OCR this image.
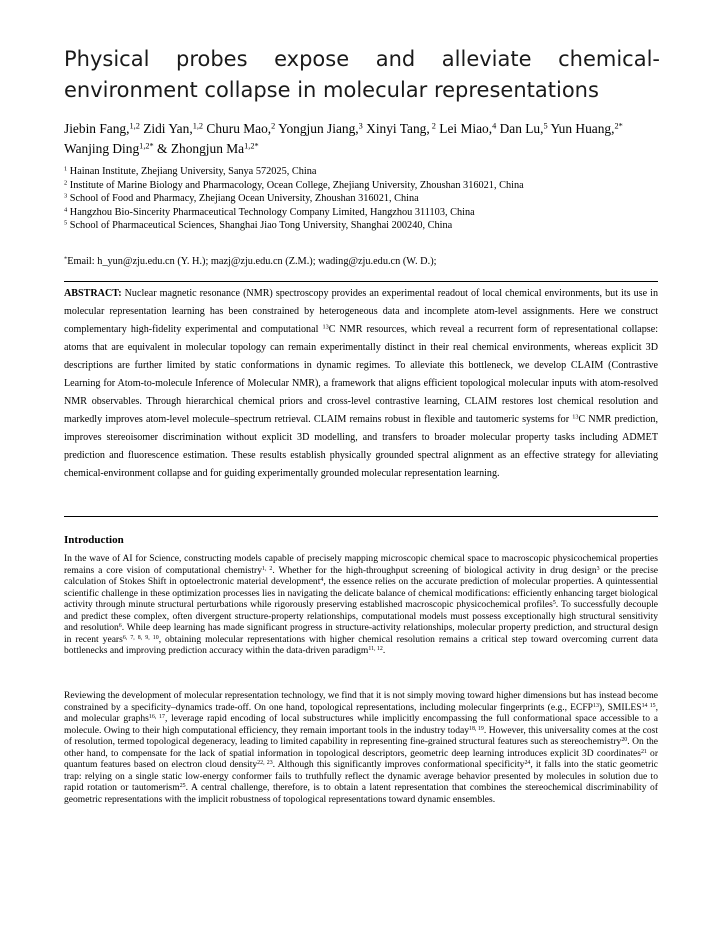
Physical probes expose and alleviate chemical-environment collapse in molecular representations
Jiebin Fang,$^{1,2}$ Zidi Yan,$^{1,2}$ Churu Mao,$^2$ Yongjun Jiang,$^3$ Xinyi Tang, $^2$ Lei Miao,$^4$ Dan Lu,$^5$ Yun Huang,$^{2*}$ Wanjing Ding$^{1,2*}$ & Zhongjun $Ma^{1,2*}$
$^1$ Hainan Institute, Zhejiang University, Sanya 572025, China
$^2$ Institute of Marine Biology and Pharmacology, Ocean College, Zhejiang University, Zhoushan 316021, China
$^3$ School of Food and Pharmacy, Zhejiang Ocean University, Zhoushan 316021, China
$^4$ Hangzhou Bio-Sincerity Pharmaceutical Technology Company Limited, Hangzhou 311103, China
$^5$ School of Pharmaceutical Sciences, Shanghai Jiao Tong University, Shanghai 200240, China
*Email: h_yun@zju.edu.cn (Y. H.); mazj@zju.edu.cn (Z.M.); wading@zju.edu.cn (W. D.);
ABSTRACT: Nuclear magnetic resonance (NMR) spectroscopy provides an experimental readout of local chemical environments, but its use in molecular representation learning has been constrained by heterogeneous data and incomplete atom-level assignments. Here we construct complementary high-fidelity experimental and computational $^{13}$C NMR resources, which reveal a recurrent form of representational collapse: atoms that are equivalent in molecular topology can remain experimentally distinct in their real chemical environments, whereas explicit 3D descriptions are further limited by static conformations in dynamic regimes. To alleviate this bottleneck, we develop CLAIM (Contrastive Learning for Atom-to-molecule Inference of Molecular NMR), a framework that aligns efficient topological molecular inputs with atom-resolved NMR observables. Through hierarchical chemical priors and cross-level contrastive learning, CLAIM restores lost chemical resolution and markedly improves atom-level molecule–spectrum retrieval. CLAIM remains robust in flexible and tautomeric systems for $^{13}$C NMR prediction, improves stereoisomer discrimination without explicit 3D modelling, and transfers to broader molecular property tasks including ADMET prediction and fluorescence estimation. These results establish physically grounded spectral alignment as an effective strategy for alleviating chemical-environment collapse and for guiding experimentally grounded molecular representation learning.
Introduction
In the wave of AI for Science, constructing models capable of precisely mapping microscopic chemical space to macroscopic physicochemical properties remains a core vision of computational chemistry$^{1, 2}$. Whether for the high-throughput screening of biological activity in drug design$^3$ or the precise calculation of Stokes Shift in optoelectronic material development$^4$, the essence relies on the accurate prediction of molecular properties. A quintessential scientific challenge in these optimization processes lies in navigating the delicate balance of chemical modifications: efficiently enhancing target biological activity through minute structural perturbations while rigorously preserving established macroscopic physicochemical profiles$^5$. To successfully decouple and predict these complex, often divergent structure-property relationships, computational models must possess exceptionally high structural sensitivity and resolution$^6$. While deep learning has made significant progress in structure-activity relationships, molecular property prediction, and structural design in recent years$^{6, 7, 8, 9, 10}$, obtaining molecular representations with higher chemical resolution remains a critical step toward overcoming current data bottlenecks and improving prediction accuracy within the data-driven paradigm$^{11, 12}$.
Reviewing the development of molecular representation technology, we find that it is not simply moving toward higher dimensions but has instead become constrained by a specificity–dynamics trade-off. On one hand, topological representations, including molecular fingerprints (e.g., ECFP$^{13}$), $SMILES^{14 15}$, and molecular graphs$^{16, 17}$, leverage rapid encoding of local substructures while implicitly encompassing the full conformational space accessible to a molecule. Owing to their high computational efficiency, they remain important tools in the industry today$^{18, 19}$. However, this universality comes at the cost of resolution, termed topological degeneracy, leading to limited capability in representing fine-grained structural features such as stereochemistry$^{20}$. On the other hand, to compensate for the lack of spatial information in topological descriptors, geometric deep learning introduces explicit 3D coordinates$^{21}$ or quantum features based on electron cloud density$^{22, 23}$. Although this significantly improves conformational specificity$^{24}$, it falls into the static geometric trap: relying on a single static low-energy conformer fails to truthfully reflect the dynamic average behavior presented by molecules in solution due to rapid rotation or tautomerism$^{25}$. A central challenge, therefore, is to obtain a latent representation that combines the stereochemical discriminability of geometric representations with the implicit robustness of topological representations toward dynamic ensembles.
